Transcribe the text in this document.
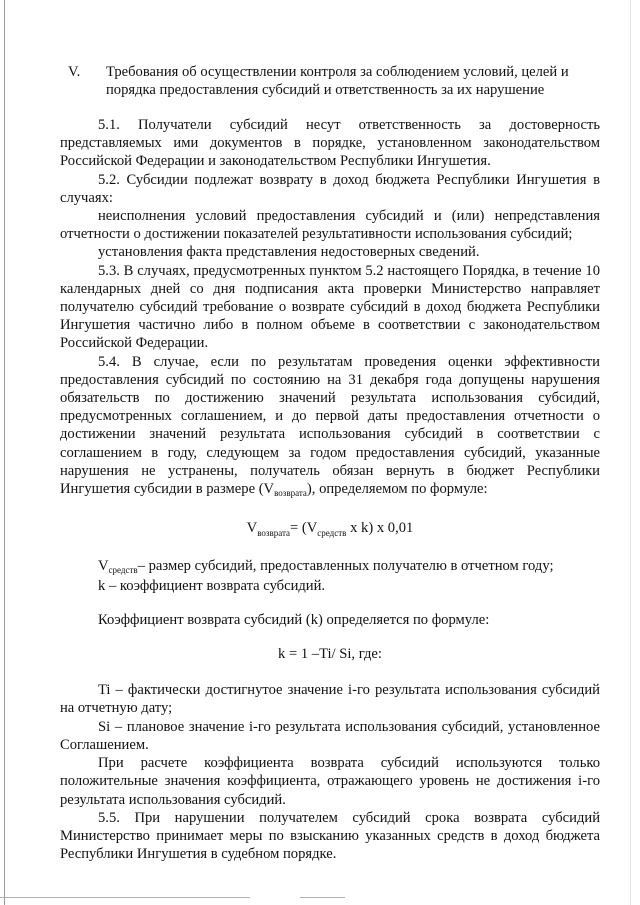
V. Требования об осуществлении контроля за соблюдением условий, целей и порядка предоставления субсидий и ответственность за их нарушение

5.1. Получатели субсидий несут ответственность за достоверность представляемых ими документов в порядке, установленном законодательством Российской Федерации и законодательством Республики Ингушетия.

5.2. Субсидии подлежат возврату в доход бюджета Республики Ингушетия в случаях:

неисполнения условий предоставления субсидий и (или) непредставления отчетности о достижении показателей результативности использования субсидий;

установления факта представления недостоверных сведений.

5.3. В случаях, предусмотренных пунктом 5.2 настоящего Порядка, в течение 10 календарных дней со дня подписания акта проверки Министерство направляет получателю субсидий требование о возврате субсидий в доход бюджета Республики Ингушетия частично либо в полном объеме в соответствии с законодательством Российской Федерации.

5.4. В случае, если по результатам проведения оценки эффективности предоставления субсидий по состоянию на 31 декабря года допущены нарушения обязательств по достижению значений результата использования субсидий, предусмотренных соглашением, и до первой даты предоставления отчетности о достижении значений результата использования субсидий в соответствии с соглашением в году, следующем за годом предоставления субсидий, указанные нарушения не устранены, получатель обязан вернуть в бюджет Республики Ингушетия субсидии в размере $(V_{возврата})$, определяемом по формуле:

$V_{возврата}= (V_{средств}$ x k) x 0,01

$V_{средств}-$ размер субсидий, предоставленных получателю в отчетном году;

k – коэффициент возврата субсидий.

Коэффициент возврата субсидий (k) определяется по формуле:

k = 1 –Ti/ Si, где:

Ti – фактически достигнутое значение i-го результата использования субсидий на отчетную дату;

Si – плановое значение i-го результата использования субсидий, установленное Соглашением.

При расчете коэффициента возврата субсидий используются только положительные значения коэффициента, отражающего уровень не достижения i-го результата использования субсидий.

5.5. При нарушении получателем субсидий срока возврата субсидий Министерство принимает меры по взысканию указанных средств в доход бюджета Республики Ингушетия в судебном порядке.
